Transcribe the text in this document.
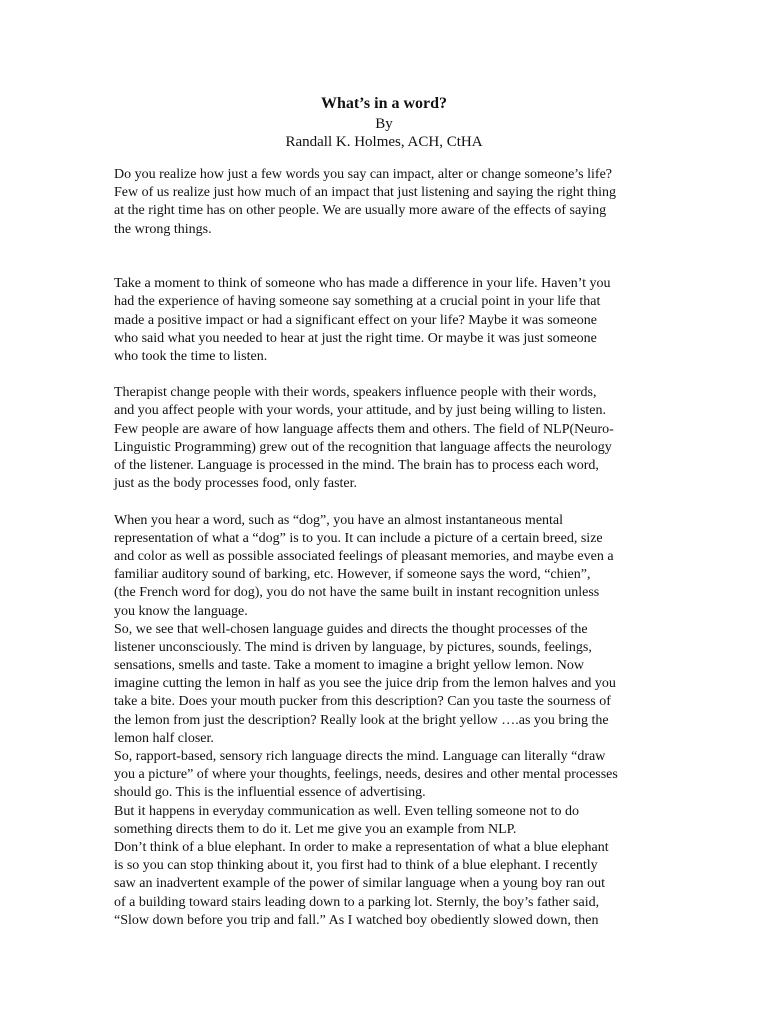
What’s in a word?
By
Randall K. Holmes, ACH, CtHA
Do you realize how just a few words you say can impact, alter or change someone’s life?
Few of us realize just how much of an impact that just listening and saying the right thing
at the right time has on other people. We are usually more aware of the effects of saying
the wrong things.
Take a moment to think of someone who has made a difference in your life. Haven’t you
had the experience of having someone say something at a crucial point in your life that
made a positive impact or had a significant effect on your life? Maybe it was someone
who said what you needed to hear at just the right time. Or maybe it was just someone
who took the time to listen.
Therapist change people with their words, speakers influence people with their words,
and you affect people with your words, your attitude, and by just being willing to listen.
Few people are aware of how language affects them and others. The field of NLP(Neuro-
Linguistic Programming) grew out of the recognition that language affects the neurology
of the listener. Language is processed in the mind. The brain has to process each word,
just as the body processes food, only faster.
When you hear a word, such as “dog”, you have an almost instantaneous mental
representation of what a “dog” is to you. It can include a picture of a certain breed, size
and color as well as possible associated feelings of pleasant memories, and maybe even a
familiar auditory sound of barking, etc. However, if someone says the word, “chien”,
(the French word for dog), you do not have the same built in instant recognition unless
you know the language.
So, we see that well-chosen language guides and directs the thought processes of the
listener unconsciously. The mind is driven by language, by pictures, sounds, feelings,
sensations, smells and taste. Take a moment to imagine a bright yellow lemon. Now
imagine cutting the lemon in half as you see the juice drip from the lemon halves and you
take a bite. Does your mouth pucker from this description? Can you taste the sourness of
the lemon from just the description? Really look at the bright yellow ….as you bring the
lemon half closer.
So, rapport-based, sensory rich language directs the mind. Language can literally “draw
you a picture” of where your thoughts, feelings, needs, desires and other mental processes
should go. This is the influential essence of advertising.
But it happens in everyday communication as well. Even telling someone not to do
something directs them to do it. Let me give you an example from NLP.
Don’t think of a blue elephant. In order to make a representation of what a blue elephant
is so you can stop thinking about it, you first had to think of a blue elephant. I recently
saw an inadvertent example of the power of similar language when a young boy ran out
of a building toward stairs leading down to a parking lot. Sternly, the boy’s father said,
“Slow down before you trip and fall.” As I watched boy obediently slowed down, then
